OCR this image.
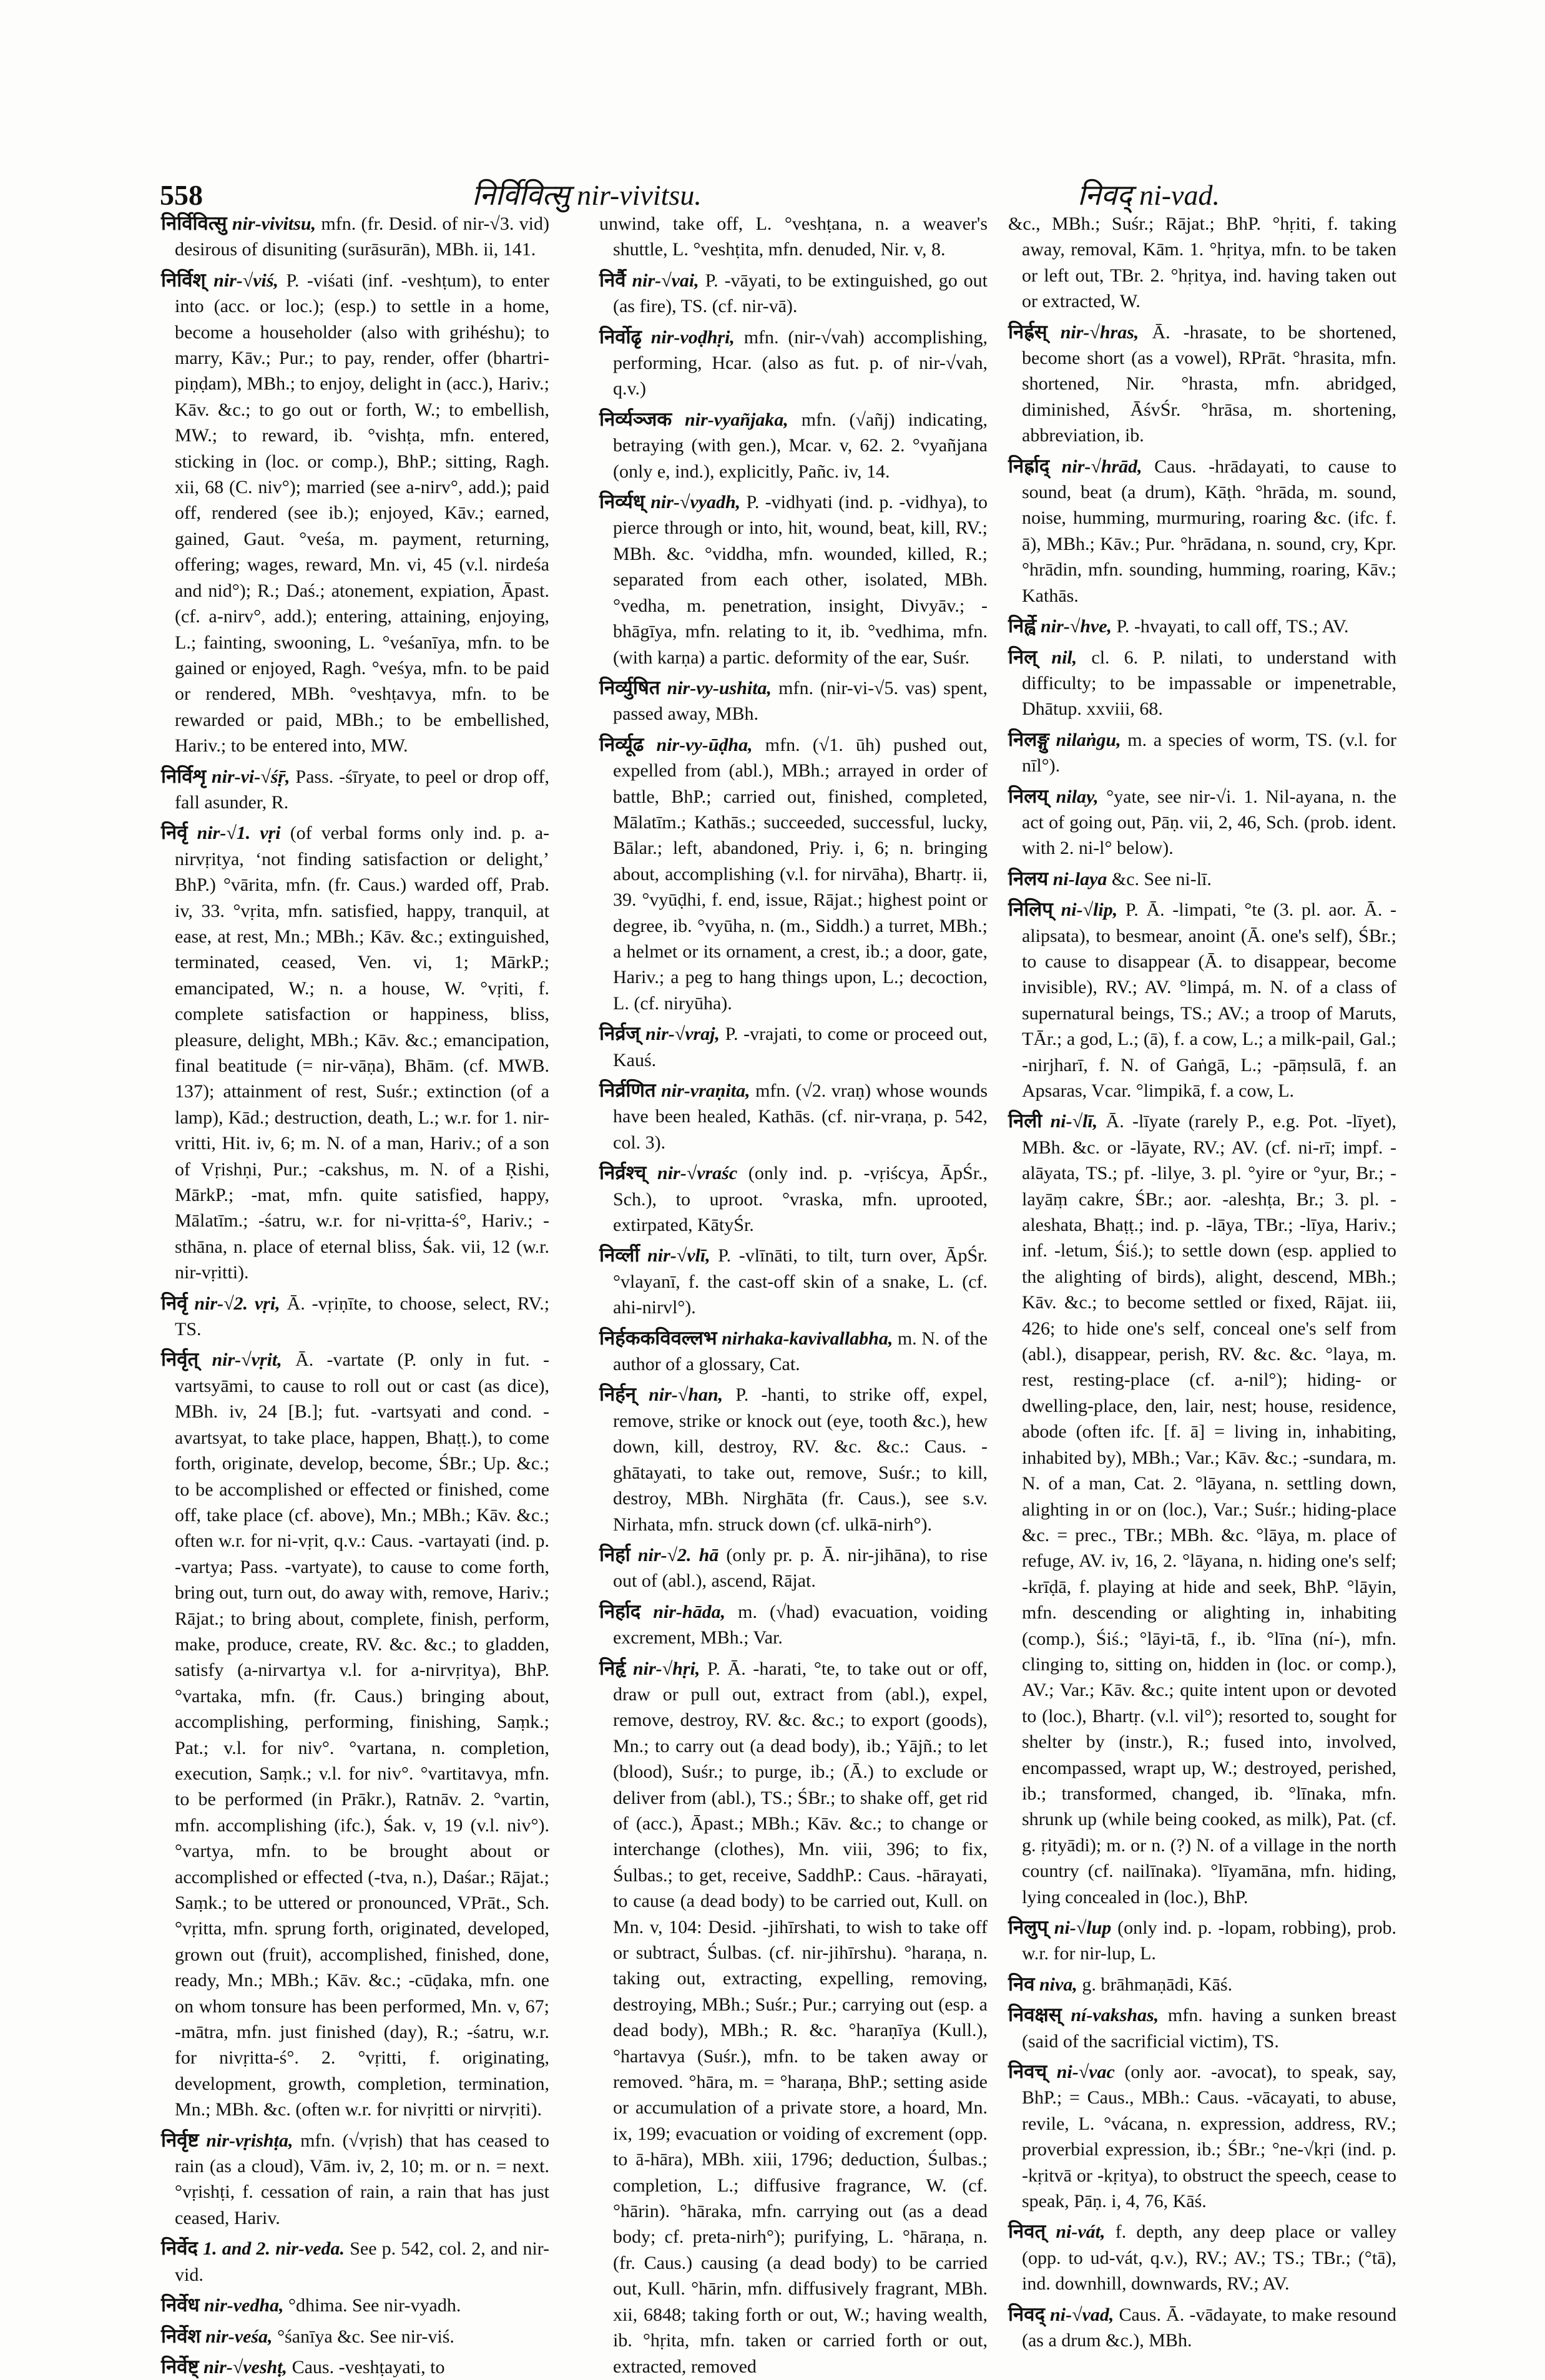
558	निर्विवित्सु nir-vivitsu.	निवद् ni-vad.

निर्विवित्सु nir-vivitsu, mfn. (fr. Desid. of nir-√3. vid) desirous of disuniting (surāsurān), MBh. ii, 141.

निर्विश् nir-√viś, P. -viśati (inf. -veshṭum), to enter into (acc. or loc.); (esp.) to settle in a home, become a householder (also with grihéshu); to marry, Kāv.; Pur.; to pay, render, offer (bhartri-piṇḍam), MBh.; to enjoy, delight in (acc.), Hariv.; Kāv. &c.; to go out or forth, W.; to embellish, MW.; to reward, ib. °vishṭa, mfn. entered, sticking in (loc. or comp.), BhP.; sitting, Ragh. xii, 68 (C. niv°); married (see a-nirv°, add.); paid off, rendered (see ib.); enjoyed, Kāv.; earned, gained, Gaut. °veśa, m. payment, returning, offering; wages, reward, Mn. vi, 45 (v.l. nirdeśa and nid°); R.; Daś.; atonement, expiation, Āpast. (cf. a-nirv°, add.); entering, attaining, enjoying, L.; fainting, swooning, L. °veśanīya, mfn. to be gained or enjoyed, Ragh. °veśya, mfn. to be paid or rendered, MBh. °veshṭavya, mfn. to be rewarded or paid, MBh.; to be embellished, Hariv.; to be entered into, MW.

निर्विशृ nir-vi-√śṝ, Pass. -śīryate, to peel or drop off, fall asunder, R.

निर्वृ nir-√1. vṛi (of verbal forms only ind. p. a-nirvṛitya, ‘not finding satisfaction or delight,’ BhP.) °vārita, mfn. (fr. Caus.) warded off, Prab. iv, 33. °vṛita, mfn. satisfied, happy, tranquil, at ease, at rest, Mn.; MBh.; Kāv. &c.; extinguished, terminated, ceased, Ven. vi, 1; MārkP.; emancipated, W.; n. a house, W. °vṛiti, f. complete satisfaction or happiness, bliss, pleasure, delight, MBh.; Kāv. &c.; emancipation, final beatitude (= nir-vāṇa), Bhām. (cf. MWB. 137); attainment of rest, Suśr.; extinction (of a lamp), Kād.; destruction, death, L.; w.r. for 1. nir-vritti, Hit. iv, 6; m. N. of a man, Hariv.; of a son of Vṛishṇi, Pur.; -cakshus, m. N. of a Ṛishi, MārkP.; -mat, mfn. quite satisfied, happy, Mālatīm.; -śatru, w.r. for ni-vṛitta-ś°, Hariv.; -sthāna, n. place of eternal bliss, Śak. vii, 12 (w.r. nir-vṛitti).

निर्वृ nir-√2. vṛi, Ā. -vṛiṇīte, to choose, select, RV.; TS.

निर्वृत् nir-√vṛit, Ā. -vartate (P. only in fut. -vartsyāmi, to cause to roll out or cast (as dice), MBh. iv, 24 [B.]; fut. -vartsyati and cond. -avartsyat, to take place, happen, Bhaṭṭ.), to come forth, originate, develop, become, ŚBr.; Up. &c.; to be accomplished or effected or finished, come off, take place (cf. above), Mn.; MBh.; Kāv. &c.; often w.r. for ni-vṛit, q.v.: Caus. -vartayati (ind. p. -vartya; Pass. -vartyate), to cause to come forth, bring out, turn out, do away with, remove, Hariv.; Rājat.; to bring about, complete, finish, perform, make, produce, create, RV. &c. &c.; to gladden, satisfy (a-nirvartya v.l. for a-nirvṛitya), BhP. °vartaka, mfn. (fr. Caus.) bringing about, accomplishing, performing, finishing, Saṃk.; Pat.; v.l. for niv°. °vartana, n. completion, execution, Saṃk.; v.l. for niv°. °vartitavya, mfn. to be performed (in Prākr.), Ratnāv. 2. °vartin, mfn. accomplishing (ifc.), Śak. v, 19 (v.l. niv°). °vartya, mfn. to be brought about or accomplished or effected (-tva, n.), Daśar.; Rājat.; Saṃk.; to be uttered or pronounced, VPrāt., Sch. °vṛitta, mfn. sprung forth, originated, developed, grown out (fruit), accomplished, finished, done, ready, Mn.; MBh.; Kāv. &c.; -cūḍaka, mfn. one on whom tonsure has been performed, Mn. v, 67; -mātra, mfn. just finished (day), R.; -śatru, w.r. for nivṛitta-ś°. 2. °vṛitti, f. originating, development, growth, completion, termination, Mn.; MBh. &c. (often w.r. for nivṛitti or nirvṛiti).

निर्वृष्ट nir-vṛishṭa, mfn. (√vṛish) that has ceased to rain (as a cloud), Vām. iv, 2, 10; m. or n. = next. °vṛishṭi, f. cessation of rain, a rain that has just ceased, Hariv.

निर्वेद 1. and 2. nir-veda. See p. 542, col. 2, and nir-vid.

निर्वेध nir-vedha, °dhima. See nir-vyadh.

निर्वेश nir-veśa, °śanīya &c. See nir-viś.

निर्वेष्ट् nir-√veshṭ, Caus. -veshṭayati, to

unwind, take off, L. °veshṭana, n. a weaver's shuttle, L. °veshṭita, mfn. denuded, Nir. v, 8.

निर्वै nir-√vai, P. -vāyati, to be extinguished, go out (as fire), TS. (cf. nir-vā).

निर्वोढृ nir-voḍhṛi, mfn. (nir-√vah) accomplishing, performing, Hcar. (also as fut. p. of nir-√vah, q.v.)

निर्व्यञ्जक nir-vyañjaka, mfn. (√añj) indicating, betraying (with gen.), Mcar. v, 62. 2. °vyañjana (only e, ind.), explicitly, Pañc. iv, 14.

निर्व्यध् nir-√vyadh, P. -vidhyati (ind. p. -vidhya), to pierce through or into, hit, wound, beat, kill, RV.; MBh. &c. °viddha, mfn. wounded, killed, R.; separated from each other, isolated, MBh. °vedha, m. penetration, insight, Divyāv.; -bhāgīya, mfn. relating to it, ib. °vedhima, mfn. (with karṇa) a partic. deformity of the ear, Suśr.

निर्व्युषित nir-vy-ushita, mfn. (nir-vi-√5. vas) spent, passed away, MBh.

निर्व्यूढ nir-vy-ūḍha, mfn. (√1. ūh) pushed out, expelled from (abl.), MBh.; arrayed in order of battle, BhP.; carried out, finished, completed, Mālatīm.; Kathās.; succeeded, successful, lucky, Bālar.; left, abandoned, Priy. i, 6; n. bringing about, accomplishing (v.l. for nirvāha), Bhartṛ. ii, 39. °vyūḍhi, f. end, issue, Rājat.; highest point or degree, ib. °vyūha, n. (m., Siddh.) a turret, MBh.; a helmet or its ornament, a crest, ib.; a door, gate, Hariv.; a peg to hang things upon, L.; decoction, L. (cf. niryūha).

निर्व्रज् nir-√vraj, P. -vrajati, to come or proceed out, Kauś.

निर्व्रणित nir-vraṇita, mfn. (√2. vraṇ) whose wounds have been healed, Kathās. (cf. nir-vraṇa, p. 542, col. 3).

निर्व्रश्च् nir-√vraśc (only ind. p. -vṛiścya, ĀpŚr., Sch.), to uproot. °vraska, mfn. uprooted, extirpated, KātyŚr.

निर्व्ली nir-√vlī, P. -vlīnāti, to tilt, turn over, ĀpŚr. °vlayanī, f. the cast-off skin of a snake, L. (cf. ahi-nirvl°).

निर्हककविवल्लभ nirhaka-kavivallabha, m. N. of the author of a glossary, Cat.

निर्हन् nir-√han, P. -hanti, to strike off, expel, remove, strike or knock out (eye, tooth &c.), hew down, kill, destroy, RV. &c. &c.: Caus. -ghātayati, to take out, remove, Suśr.; to kill, destroy, MBh. Nirghāta (fr. Caus.), see s.v. Nirhata, mfn. struck down (cf. ulkā-nirh°).

निर्हा nir-√2. hā (only pr. p. Ā. nir-jihāna), to rise out of (abl.), ascend, Rājat.

निर्हाद nir-hāda, m. (√had) evacuation, voiding excrement, MBh.; Var.

निर्हृ nir-√hṛi, P. Ā. -harati, °te, to take out or off, draw or pull out, extract from (abl.), expel, remove, destroy, RV. &c. &c.; to export (goods), Mn.; to carry out (a dead body), ib.; Yājñ.; to let (blood), Suśr.; to purge, ib.; (Ā.) to exclude or deliver from (abl.), TS.; ŚBr.; to shake off, get rid of (acc.), Āpast.; MBh.; Kāv. &c.; to change or interchange (clothes), Mn. viii, 396; to fix, Śulbas.; to get, receive, SaddhP.: Caus. -hārayati, to cause (a dead body) to be carried out, Kull. on Mn. v, 104: Desid. -jihīrshati, to wish to take off or subtract, Śulbas. (cf. nir-jihīrshu). °haraṇa, n. taking out, extracting, expelling, removing, destroying, MBh.; Suśr.; Pur.; carrying out (esp. a dead body), MBh.; R. &c. °haraṇīya (Kull.), °hartavya (Suśr.), mfn. to be taken away or removed. °hāra, m. = °haraṇa, BhP.; setting aside or accumulation of a private store, a hoard, Mn. ix, 199; evacuation or voiding of excrement (opp. to ā-hāra), MBh. xiii, 1796; deduction, Śulbas.; completion, L.; diffusive fragrance, W. (cf. °hārin). °hāraka, mfn. carrying out (as a dead body; cf. preta-nirh°); purifying, L. °hāraṇa, n. (fr. Caus.) causing (a dead body) to be carried out, Kull. °hārin, mfn. diffusively fragrant, MBh. xii, 6848; taking forth or out, W.; having wealth, ib. °hṛita, mfn. taken or carried forth or out, extracted, removed

&c., MBh.; Suśr.; Rājat.; BhP. °hṛiti, f. taking away, removal, Kām. 1. °hṛitya, mfn. to be taken or left out, TBr. 2. °hṛitya, ind. having taken out or extracted, W.

निर्ह्रस् nir-√hras, Ā. -hrasate, to be shortened, become short (as a vowel), RPrāt. °hrasita, mfn. shortened, Nir. °hrasta, mfn. abridged, diminished, ĀśvŚr. °hrāsa, m. shortening, abbreviation, ib.

निर्ह्राद् nir-√hrād, Caus. -hrādayati, to cause to sound, beat (a drum), Kāṭh. °hrāda, m. sound, noise, humming, murmuring, roaring &c. (ifc. f. ā), MBh.; Kāv.; Pur. °hrādana, n. sound, cry, Kpr. °hrādin, mfn. sounding, humming, roaring, Kāv.; Kathās.

निर्ह्वे nir-√hve, P. -hvayati, to call off, TS.; AV.

निल् nil, cl. 6. P. nilati, to understand with difficulty; to be impassable or impenetrable, Dhātup. xxviii, 68.

निलङ्गु nilaṅgu, m. a species of worm, TS. (v.l. for nīl°).

निलय् nilay, °yate, see nir-√i. 1. Nil-ayana, n. the act of going out, Pāṇ. vii, 2, 46, Sch. (prob. ident. with 2. ni-l° below).

निलय ni-laya &c. See ni-lī.

निलिप् ni-√lip, P. Ā. -limpati, °te (3. pl. aor. Ā. -alipsata), to besmear, anoint (Ā. one's self), ŚBr.; to cause to disappear (Ā. to disappear, become invisible), RV.; AV. °limpá, m. N. of a class of supernatural beings, TS.; AV.; a troop of Maruts, TĀr.; a god, L.; (ā), f. a cow, L.; a milk-pail, Gal.; -nirjharī, f. N. of Gaṅgā, L.; -pāṃsulā, f. an Apsaras, Vcar. °limpikā, f. a cow, L.

निली ni-√lī, Ā. -līyate (rarely P., e.g. Pot. -līyet), MBh. &c. or -lāyate, RV.; AV. (cf. ni-rī; impf. -alāyata, TS.; pf. -lilye, 3. pl. °yire or °yur, Br.; -layāṃ cakre, ŚBr.; aor. -aleshṭa, Br.; 3. pl. -aleshata, Bhaṭṭ.; ind. p. -lāya, TBr.; -līya, Hariv.; inf. -letum, Śiś.); to settle down (esp. applied to the alighting of birds), alight, descend, MBh.; Kāv. &c.; to become settled or fixed, Rājat. iii, 426; to hide one's self, conceal one's self from (abl.), disappear, perish, RV. &c. &c. °laya, m. rest, resting-place (cf. a-nil°); hiding- or dwelling-place, den, lair, nest; house, residence, abode (often ifc. [f. ā] = living in, inhabiting, inhabited by), MBh.; Var.; Kāv. &c.; -sundara, m. N. of a man, Cat. 2. °lāyana, n. settling down, alighting in or on (loc.), Var.; Suśr.; hiding-place &c. = prec., TBr.; MBh. &c. °lāya, m. place of refuge, AV. iv, 16, 2. °lāyana, n. hiding one's self; -krīḍā, f. playing at hide and seek, BhP. °lāyin, mfn. descending or alighting in, inhabiting (comp.), Śiś.; °lāyi-tā, f., ib. °līna (ní-), mfn. clinging to, sitting on, hidden in (loc. or comp.), AV.; Var.; Kāv. &c.; quite intent upon or devoted to (loc.), Bhartṛ. (v.l. vil°); resorted to, sought for shelter by (instr.), R.; fused into, involved, encompassed, wrapt up, W.; destroyed, perished, ib.; transformed, changed, ib. °līnaka, mfn. shrunk up (while being cooked, as milk), Pat. (cf. g. ṛityādi); m. or n. (?) N. of a village in the north country (cf. nailīnaka). °līyamāna, mfn. hiding, lying concealed in (loc.), BhP.

निलुप् ni-√lup (only ind. p. -lopam, robbing), prob. w.r. for nir-lup, L.

निव niva, g. brāhmaṇādi, Kāś.

निवक्षस् ní-vakshas, mfn. having a sunken breast (said of the sacrificial victim), TS.

निवच् ni-√vac (only aor. -avocat), to speak, say, BhP.; = Caus., MBh.: Caus. -vācayati, to abuse, revile, L. °vácana, n. expression, address, RV.; proverbial expression, ib.; ŚBr.; °ne-√kṛi (ind. p. -kṛitvā or -kṛitya), to obstruct the speech, cease to speak, Pāṇ. i, 4, 76, Kāś.

निवत् ni-vát, f. depth, any deep place or valley (opp. to ud-vát, q.v.), RV.; AV.; TS.; TBr.; (°tā), ind. downhill, downwards, RV.; AV.

निवद् ni-√vad, Caus. Ā. -vādayate, to make resound (as a drum &c.), MBh.
